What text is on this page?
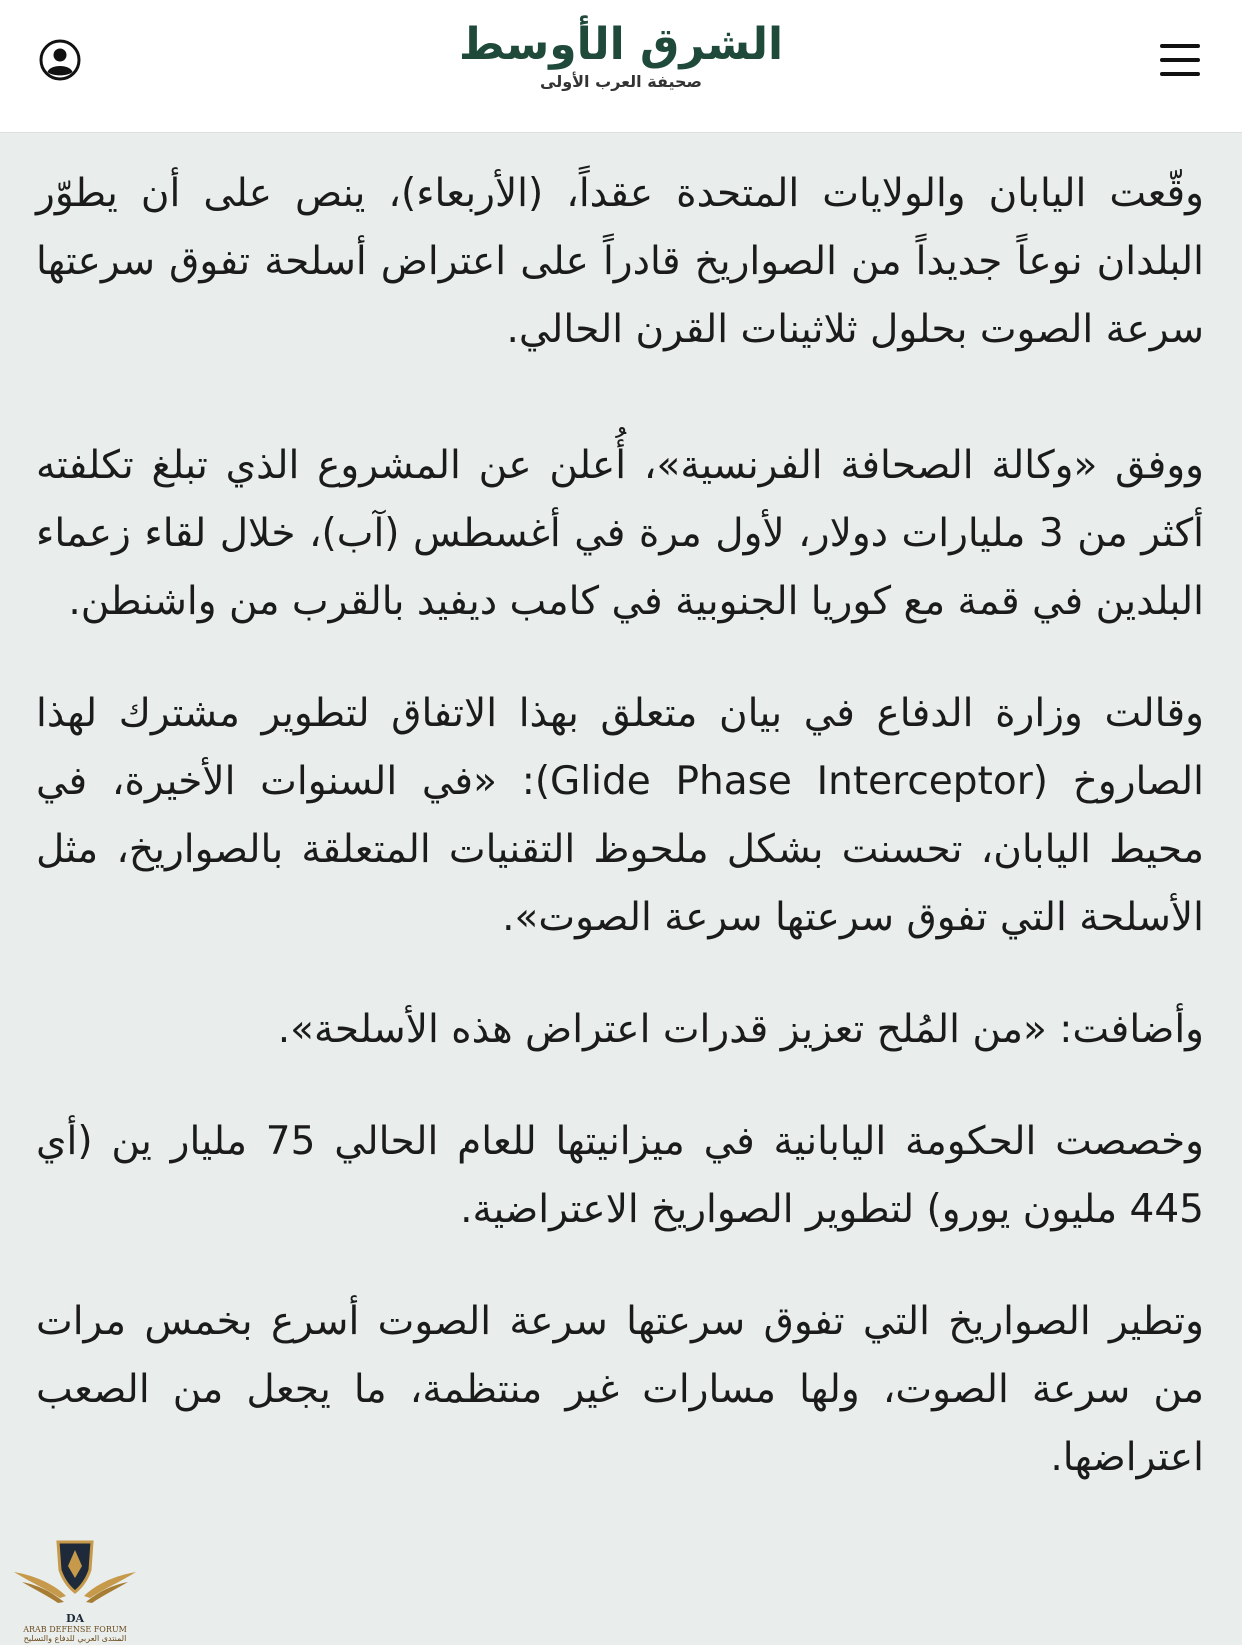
الشرق الأوسط
صحيفة العرب الأولى

وقّعت اليابان والولايات المتحدة عقداً، (الأربعاء)، ينص على أن يطوّر البلدان نوعاً جديداً من الصواريخ قادراً على اعتراض أسلحة تفوق سرعتها سرعة الصوت بحلول ثلاثينات القرن الحالي.

ووفق «وكالة الصحافة الفرنسية»، أُعلن عن المشروع الذي تبلغ تكلفته أكثر من 3 مليارات دولار، لأول مرة في أغسطس (آب)، خلال لقاء زعماء البلدين في قمة مع كوريا الجنوبية في كامب ديفيد بالقرب من واشنطن.

وقالت وزارة الدفاع في بيان متعلق بهذا الاتفاق لتطوير مشترك لهذا الصاروخ (Glide Phase Interceptor): «في السنوات الأخيرة، في محيط اليابان، تحسنت بشكل ملحوظ التقنيات المتعلقة بالصواريخ، مثل الأسلحة التي تفوق سرعتها سرعة الصوت».

وأضافت: «من المُلح تعزيز قدرات اعتراض هذه الأسلحة».

وخصصت الحكومة اليابانية في ميزانيتها للعام الحالي 75 مليار ين (أي 445 مليون يورو) لتطوير الصواريخ الاعتراضية.

وتطير الصواريخ التي تفوق سرعتها سرعة الصوت أسرع بخمس مرات من سرعة الصوت، ولها مسارات غير منتظمة، ما يجعل من الصعب اعتراضها.

DA
ARAB DEFENSE FORUM
المنتدى العربي للدفاع والتسليح
